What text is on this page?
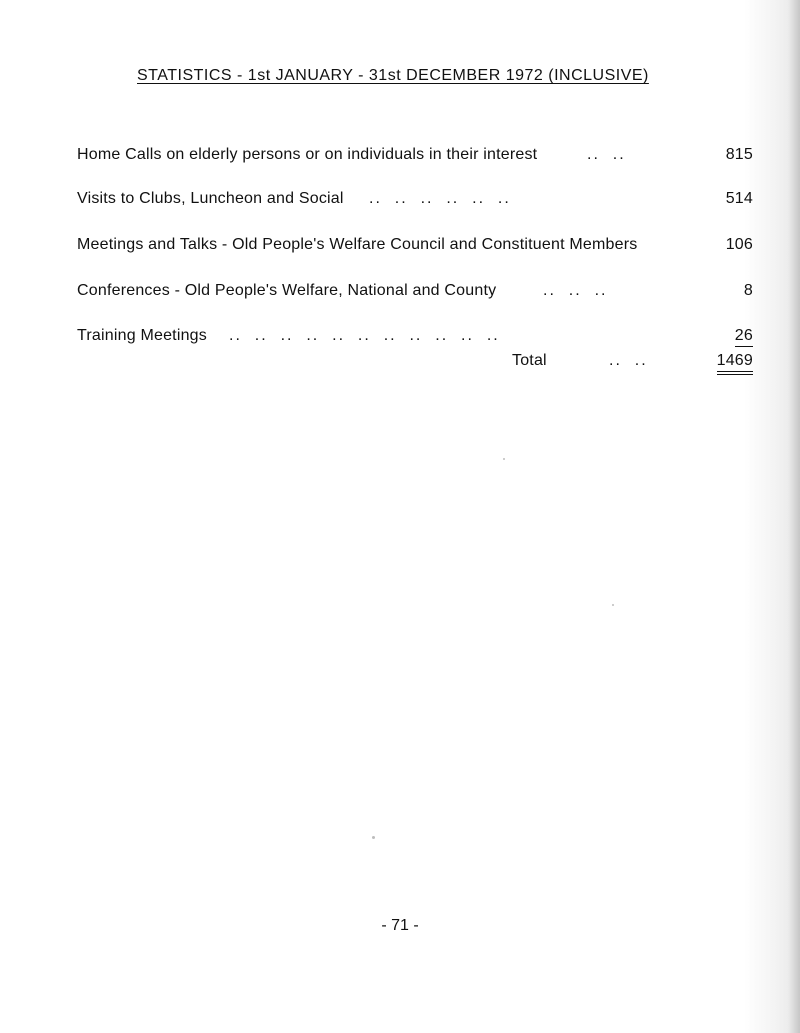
STATISTICS - 1st JANUARY - 31st DECEMBER 1972 (INCLUSIVE)
Home Calls on elderly persons or on individuals in their interest	..  ..	815
Visits to Clubs, Luncheon and Social ..  ..  ..  ..  ..  ..	514
Meetings and Talks - Old People's Welfare Council and Constituent Members	106
Conferences - Old People's Welfare, National and County	..  ..  ..	8
Training Meetings ..  ..  ..  ..  ..  ..  ..  ..  ..  ..  ..	26
Total	..  ..	1469
- 71 -
